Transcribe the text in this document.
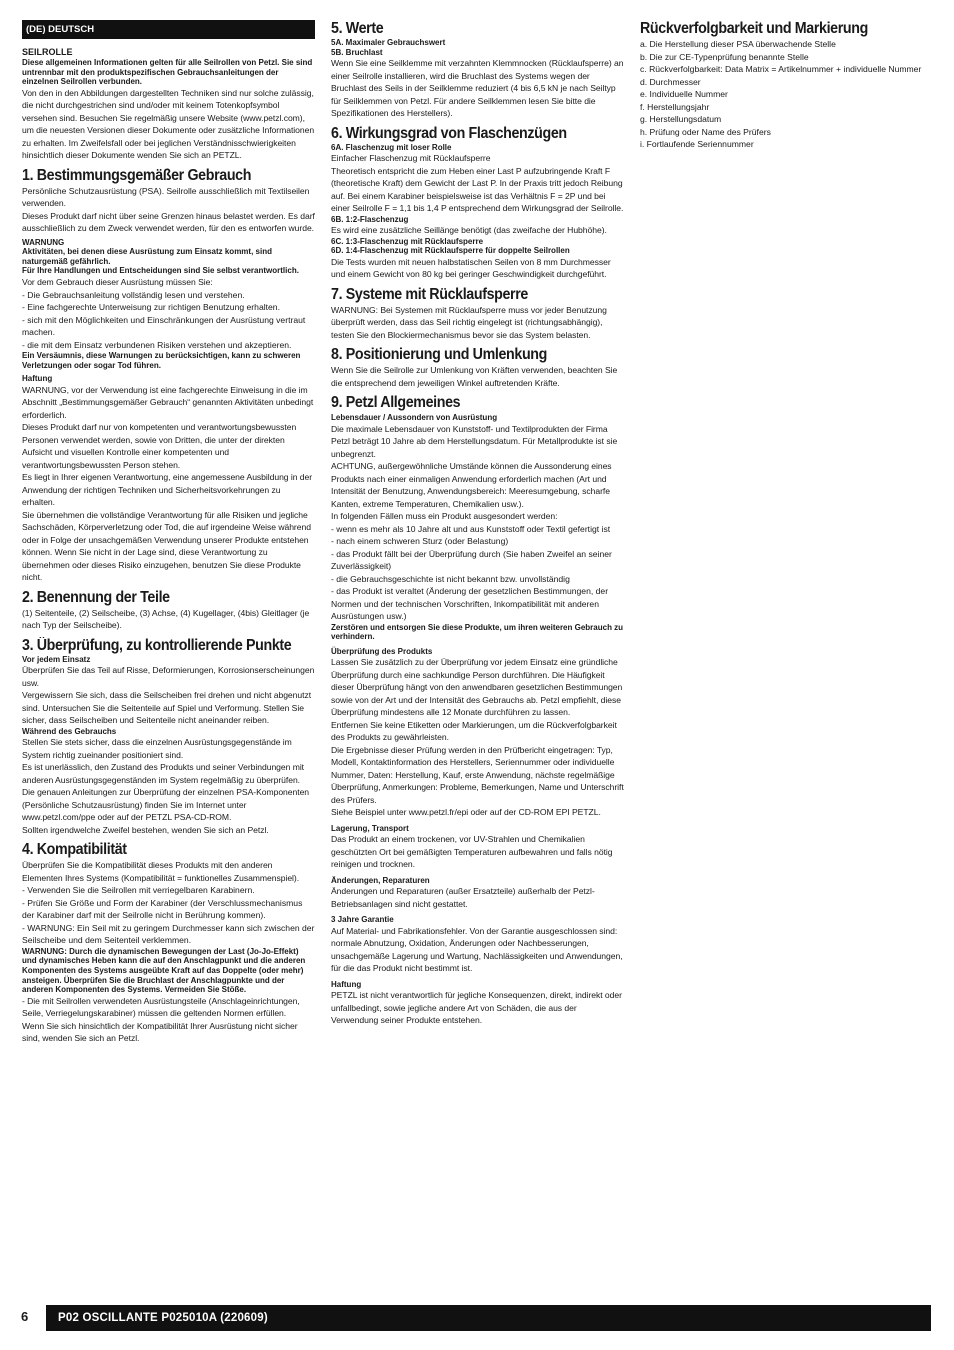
(DE) DEUTSCH
SEILROLLE

Diese allgemeinen Informationen gelten für alle Seilrollen von Petzl. Sie sind untrennbar mit den produktspezifischen Gebrauchsanleitungen der einzelnen Seilrollen verbunden.

Von den in den Abbildungen dargestellten Techniken sind nur solche zulässig, die nicht durchgestrichen sind und/oder mit keinem Totenkopfsymbol versehen sind. Besuchen Sie regelmäßig unsere Website (www.petzl.com), um die neuesten Versionen dieser Dokumente oder zusätzliche Informationen zu erhalten. Im Zweifelsfall oder bei jeglichen Verständnisschwierigkeiten hinsichtlich dieser Dokumente wenden Sie sich an PETZL.

1. Bestimmungsgemäßer Gebrauch

Persönliche Schutzausrüstung (PSA). Seilrolle ausschließlich mit Textilseilen verwenden.

Dieses Produkt darf nicht über seine Grenzen hinaus belastet werden. Es darf ausschließlich zu dem Zweck verwendet werden, für den es entworfen wurde.

WARNUNG

Aktivitäten, bei denen diese Ausrüstung zum Einsatz kommt, sind naturgemäß gefährlich.

Für Ihre Handlungen und Entscheidungen sind Sie selbst verantwortlich.

Vor dem Gebrauch dieser Ausrüstung müssen Sie:

- Die Gebrauchsanleitung vollständig lesen und verstehen.
- Eine fachgerechte Unterweisung zur richtigen Benutzung erhalten.
- sich mit den Möglichkeiten und Einschränkungen der Ausrüstung vertraut machen.
- die mit dem Einsatz verbundenen Risiken verstehen und akzeptieren.

Ein Versäumnis, diese Warnungen zu berücksichtigen, kann zu schweren Verletzungen oder sogar Tod führen.

Haftung

WARNUNG, vor der Verwendung ist eine fachgerechte Einweisung in die im Abschnitt „Bestimmungsgemäßer Gebrauch“ genannten Aktivitäten unbedingt erforderlich.

Dieses Produkt darf nur von kompetenten und verantwortungsbewussten Personen verwendet werden, sowie von Dritten, die unter der direkten Aufsicht und visuellen Kontrolle einer kompetenten und verantwortungsbewussten Person stehen.

Es liegt in Ihrer eigenen Verantwortung, eine angemessene Ausbildung in der Anwendung der richtigen Techniken und Sicherheitsvorkehrungen zu erhalten.

Sie übernehmen die vollständige Verantwortung für alle Risiken und jegliche Sachschäden, Körperverletzung oder Tod, die auf irgendeine Weise während oder in Folge der unsachgemäßen Verwendung unserer Produkte entstehen können. Wenn Sie nicht in der Lage sind, diese Verantwortung zu übernehmen oder dieses Risiko einzugehen, benutzen Sie diese Produkte nicht.

2. Benennung der Teile

(1) Seitenteile, (2) Seilscheibe, (3) Achse, (4) Kugellager, (4bis) Gleitlager (je nach Typ der Seilscheibe).

3. Überprüfung, zu kontrollierende Punkte
Vor jedem Einsatz

Überprüfen Sie das Teil auf Risse, Deformierungen, Korrosionserscheinungen usw.

Vergewissern Sie sich, dass die Seilscheiben frei drehen und nicht abgenutzt sind. Untersuchen Sie die Seitenteile auf Spiel und Verformung. Stellen Sie sicher, dass Seilscheiben und Seitenteile nicht aneinander reiben.

Während des Gebrauchs

Stellen Sie stets sicher, dass die einzelnen Ausrüstungsgegenstände im System richtig zueinander positioniert sind.

Es ist unerlässlich, den Zustand des Produkts und seiner Verbindungen mit anderen Ausrüstungsgegenständen im System regelmäßig zu überprüfen.

Die genauen Anleitungen zur Überprüfung der einzelnen PSA-Komponenten (Persönliche Schutzausrüstung) finden Sie im Internet unter www.petzl.com/ppe oder auf der PETZL PSA-CD-ROM.

Sollten irgendwelche Zweifel bestehen, wenden Sie sich an Petzl.

4. Kompatibilität

Überprüfen Sie die Kompatibilität dieses Produkts mit den anderen Elementen Ihres Systems (Kompatibilität = funktionelles Zusammenspiel).

- Verwenden Sie die Seilrollen mit verriegelbaren Karabinern.
- Prüfen Sie Größe und Form der Karabiner (der Verschlussmechanismus der Karabiner darf mit der Seilrolle nicht in Berührung kommen).
- WARNUNG: Ein Seil mit zu geringem Durchmesser kann sich zwischen der Seilscheibe und dem Seitenteil verklemmen.

WARNUNG: Durch die dynamischen Bewegungen der Last (Jo-Jo-Effekt) und dynamisches Heben kann die auf den Anschlagpunkt und die anderen Komponenten des Systems ausgeübte Kraft auf das Doppelte (oder mehr) ansteigen. Überprüfen Sie die Bruchlast der Anschlagpunkte und der anderen Komponenten des Systems. Vermeiden Sie Stöße.

- Die mit Seilrollen verwendeten Ausrüstungsteile (Anschlageinrichtungen, Seile, Verriegelungskarabiner) müssen die geltenden Normen erfüllen.

Wenn Sie sich hinsichtlich der Kompatibilität Ihrer Ausrüstung nicht sicher sind, wenden Sie sich an Petzl.

5. Werte
5A. Maximaler Gebrauchswert
5B. Bruchlast

Wenn Sie eine Seilklemme mit verzahnten Klemmnocken (Rücklaufsperre) an einer Seilrolle installieren, wird die Bruchlast des Systems wegen der Bruchlast des Seils in der Seilklemme reduziert (4 bis 6,5 kN je nach Seiltyp für Seilklemmen von Petzl. Für andere Seilklemmen lesen Sie bitte die Spezifikationen des Herstellers).

6. Wirkungsgrad von Flaschenzügen
6A. Flaschenzug mit loser Rolle

Einfacher Flaschenzug mit Rücklaufsperre

Theoretisch entspricht die zum Heben einer Last P aufzubringende Kraft F (theoretische Kraft) dem Gewicht der Last P. In der Praxis tritt jedoch Reibung auf. Bei einem Karabiner beispielsweise ist das Verhältnis F = 2P und bei einer Seilrolle F = 1,1 bis 1,4 P entsprechend dem Wirkungsgrad der Seilrolle.

6B. 1:2-Flaschenzug

Es wird eine zusätzliche Seillänge benötigt (das zweifache der Hubhöhe).

6C. 1:3-Flaschenzug mit Rücklaufsperre
6D. 1:4-Flaschenzug mit Rücklaufsperre für doppelte Seilrollen

Die Tests wurden mit neuen halbstatischen Seilen von 8 mm Durchmesser und einem Gewicht von 80 kg bei geringer Geschwindigkeit durchgeführt.

7. Systeme mit Rücklaufsperre

WARNUNG: Bei Systemen mit Rücklaufsperre muss vor jeder Benutzung überprüft werden, dass das Seil richtig eingelegt ist (richtungsabhängig), testen Sie den Blockiermechanismus bevor sie das System belasten.

8. Positionierung und Umlenkung

Wenn Sie die Seilrolle zur Umlenkung von Kräften verwenden, beachten Sie die entsprechend dem jeweiligen Winkel auftretenden Kräfte.

9. Petzl Allgemeines
Lebensdauer / Aussondern von Ausrüstung

Die maximale Lebensdauer von Kunststoff- und Textilprodukten der Firma Petzl beträgt 10 Jahre ab dem Herstellungsdatum. Für Metallprodukte ist sie unbegrenzt.

ACHTUNG, außergewöhnliche Umstände können die Aussonderung eines Produkts nach einer einmaligen Anwendung erforderlich machen (Art und Intensität der Benutzung, Anwendungsbereich: Meeresumgebung, scharfe Kanten, extreme Temperaturen, Chemikalien usw.).

In folgenden Fällen muss ein Produkt ausgesondert werden:

- wenn es mehr als 10 Jahre alt und aus Kunststoff oder Textil gefertigt ist
- nach einem schweren Sturz (oder Belastung)
- das Produkt fällt bei der Überprüfung durch (Sie haben Zweifel an seiner Zuverlässigkeit)
- die Gebrauchsgeschichte ist nicht bekannt bzw. unvollständig
- das Produkt ist veraltet (Änderung der gesetzlichen Bestimmungen, der Normen und der technischen Vorschriften, Inkompatibilität mit anderen Ausrüstungen usw.)

Zerstören und entsorgen Sie diese Produkte, um ihren weiteren Gebrauch zu verhindern.

Überprüfung des Produkts

Lassen Sie zusätzlich zu der Überprüfung vor jedem Einsatz eine gründliche Überprüfung durch eine sachkundige Person durchführen. Die Häufigkeit dieser Überprüfung hängt von den anwendbaren gesetzlichen Bestimmungen sowie von der Art und der Intensität des Gebrauchs ab. Petzl empfiehlt, diese Überprüfung mindestens alle 12 Monate durchführen zu lassen.

Entfernen Sie keine Etiketten oder Markierungen, um die Rückverfolgbarkeit des Produkts zu gewährleisten.

Die Ergebnisse dieser Prüfung werden in den Prüfbericht eingetragen: Typ, Modell, Kontaktinformation des Herstellers, Seriennummer oder individuelle Nummer, Daten: Herstellung, Kauf, erste Anwendung, nächste regelmäßige Überprüfung, Anmerkungen: Probleme, Bemerkungen, Name und Unterschrift des Prüfers.

Siehe Beispiel unter www.petzl.fr/epi oder auf der CD-ROM EPI PETZL.

Lagerung, Transport

Das Produkt an einem trockenen, vor UV-Strahlen und Chemikalien geschützten Ort bei gemäßigten Temperaturen aufbewahren und falls nötig reinigen und trocknen.

Änderungen, Reparaturen

Änderungen und Reparaturen (außer Ersatzteile) außerhalb der Petzl-Betriebsanlagen sind nicht gestattet.

3 Jahre Garantie

Auf Material- und Fabrikationsfehler. Von der Garantie ausgeschlossen sind: normale Abnutzung, Oxidation, Änderungen oder Nachbesserungen, unsachgemäße Lagerung und Wartung, Nachlässigkeiten und Anwendungen, für die das Produkt nicht bestimmt ist.

Haftung

PETZL ist nicht verantwortlich für jegliche Konsequenzen, direkt, indirekt oder unfallbedingt, sowie jegliche andere Art von Schäden, die aus der Verwendung seiner Produkte entstehen.

Rückverfolgbarkeit und Markierung
a. Die Herstellung dieser PSA überwachende Stelle
b. Die zur CE-Typenprüfung benannte Stelle
c. Rückverfolgbarkeit: Data Matrix = Artikelnummer + individuelle Nummer
d. Durchmesser
e. Individuelle Nummer
f. Herstellungsjahr
g. Herstellungsdatum
h. Prüfung oder Name des Prüfers
i. Fortlaufende Seriennummer
6	P02 OSCILLANTE P025010A (220609)
